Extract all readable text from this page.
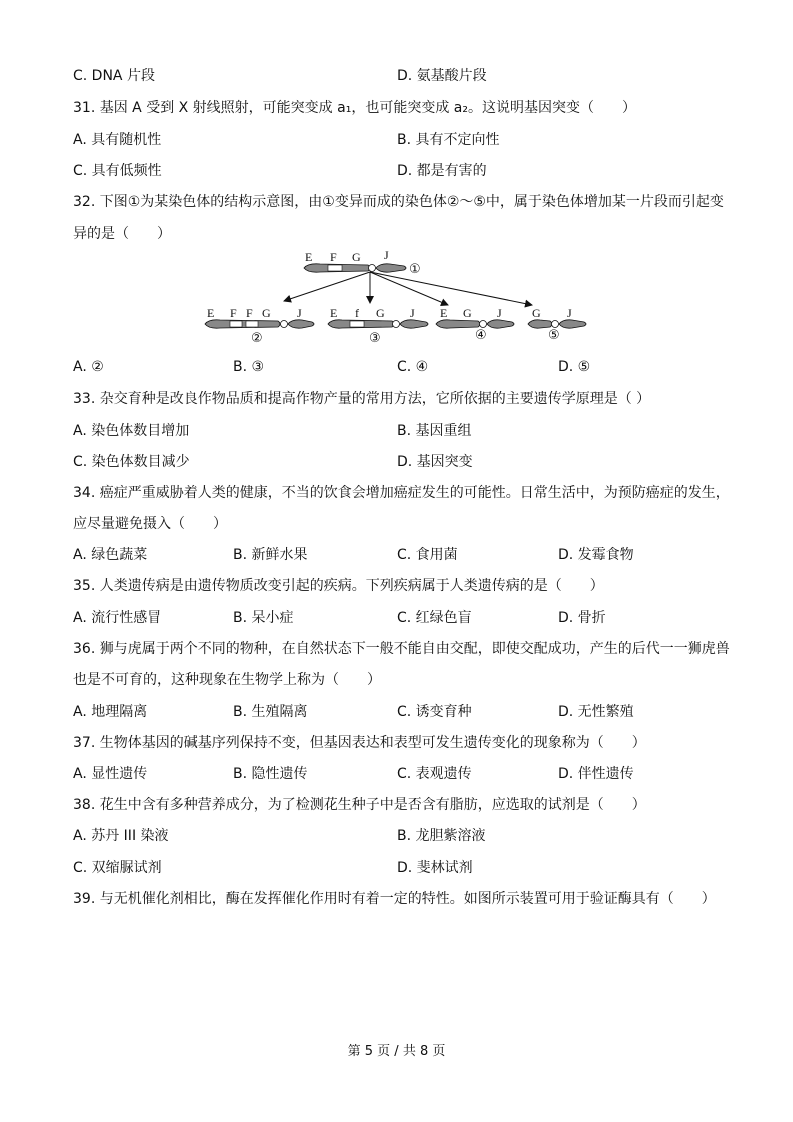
C. DNA 片段	D. 氨基酸片段
31. 基因 A 受到 X 射线照射，可能突变成 a₁，也可能突变成 a₂。这说明基因突变（　　）
A. 具有随机性	B. 具有不定向性
C. 具有低频性	D. 都是有害的
32. 下图①为某染色体的结构示意图，由①变异而成的染色体②～⑤中，属于染色体增加某一片段而引起变
异的是（　　）
E F G J
①
E F F G J
②
E f G J
③
E G J
④
G J
⑤
A. ②	B. ③	C. ④	D. ⑤
33. 杂交育种是改良作物品质和提高作物产量的常用方法，它所依据的主要遗传学原理是（ ）
A. 染色体数目增加	B. 基因重组
C. 染色体数目减少	D. 基因突变
34. 癌症严重威胁着人类的健康，不当的饮食会增加癌症发生的可能性。日常生活中，为预防癌症的发生，
应尽量避免摄入（　　）
A. 绿色蔬菜	B. 新鲜水果	C. 食用菌	D. 发霉食物
35. 人类遗传病是由遗传物质改变引起的疾病。下列疾病属于人类遗传病的是（　　）
A. 流行性感冒	B. 呆小症	C. 红绿色盲	D. 骨折
36. 狮与虎属于两个不同的物种，在自然状态下一般不能自由交配，即使交配成功，产生的后代一一狮虎兽
也是不可育的，这种现象在生物学上称为（　　）
A. 地理隔离	B. 生殖隔离	C. 诱变育种	D. 无性繁殖
37. 生物体基因的碱基序列保持不变，但基因表达和表型可发生遗传变化的现象称为（　　）
A. 显性遗传	B. 隐性遗传	C. 表观遗传	D. 伴性遗传
38. 花生中含有多种营养成分，为了检测花生种子中是否含有脂肪，应选取的试剂是（　　）
A. 苏丹 III 染液	B. 龙胆紫溶液
C. 双缩脲试剂	D. 斐林试剂
39. 与无机催化剂相比，酶在发挥催化作用时有着一定的特性。如图所示装置可用于验证酶具有（　　）
第 5 页 / 共 8 页
